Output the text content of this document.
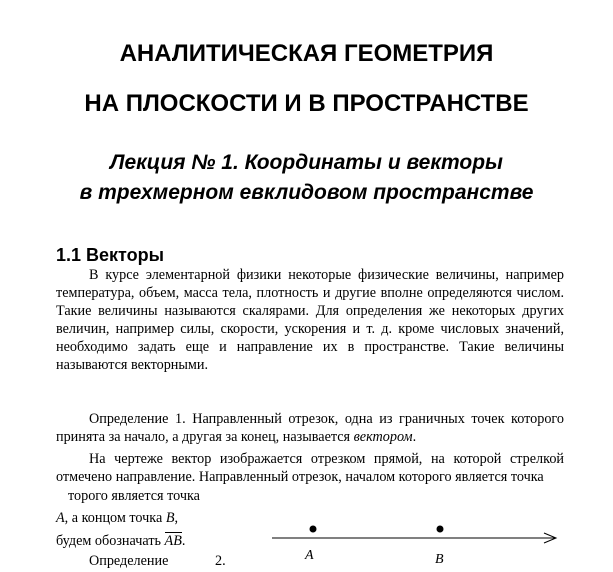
АНАЛИТИЧЕСКАЯ ГЕОМЕТРИЯ
НА ПЛОСКОСТИ И В ПРОСТРАНСТВЕ
Лекция № 1. Координаты и векторы
в трехмерном евклидовом пространстве
1.1 Векторы

В курсе элементарной физики некоторые физические величины, например температура, объем, масса тела, плотность и другие вполне определяются числом. Такие величины называются скалярами. Для определения же некоторых других величин, например силы, скорости, ускорения и т. д. кроме числовых значений, необходимо задать еще и направление их в пространстве. Такие величины называются векторными.

Определение 1. Направленный отрезок, одна из граничных точек которого принята за начало, а другая за конец, называется вектором.

На чертеже вектор изображается отрезком прямой, на которой стрелкой отмечено направление. Направленный отрезок, началом которого является точка

торого является точка

A, а концом точка B,

будем обозначать AB.

Определение	2.	A	B
